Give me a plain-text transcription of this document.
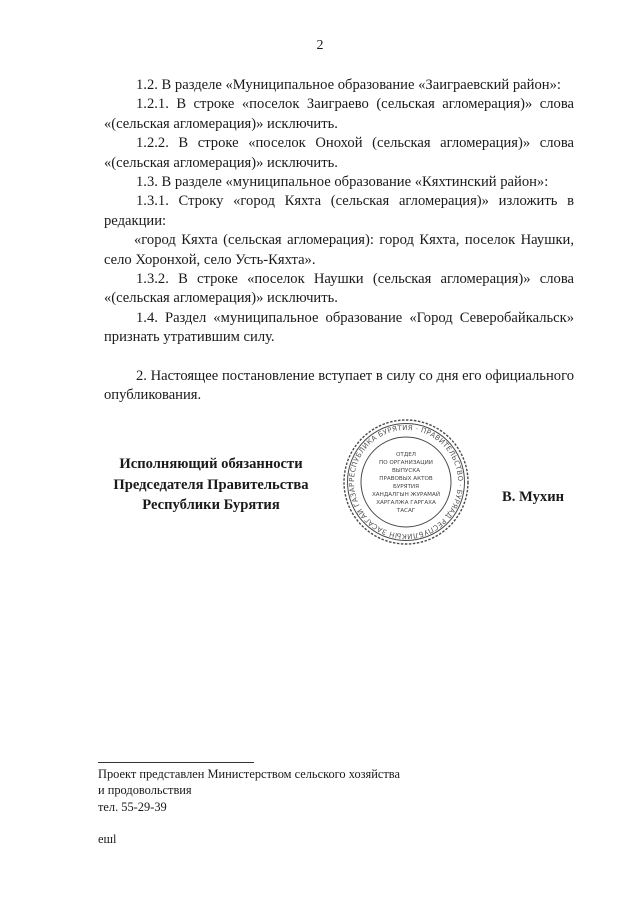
2

1.2. В разделе «Муниципальное образование «Заиграевский район»:

1.2.1. В строке «поселок Заиграево (сельская агломерация)» слова «(сельская агломерация)» исключить.

1.2.2. В строке «поселок Онохой (сельская агломерация)» слова «(сельская агломерация)» исключить.

1.3. В разделе «муниципальное образование «Кяхтинский район»:

1.3.1. Строку «город Кяхта (сельская агломерация)» изложить в редакции:

«город Кяхта (сельская агломерация): город Кяхта, поселок Наушки, село Хоронхой, село Усть-Кяхта».

1.3.2. В строке «поселок Наушки (сельская агломерация)» слова «(сельская агломерация)» исключить.

1.4. Раздел «муниципальное образование «Город Северобайкальск» признать утратившим силу.

2. Настоящее постановление вступает в силу со дня его официального опубликования.

Исполняющий обязанности
Председателя Правительства
Республики Бурятия
РЕСПУБЛИКА БУРЯТИЯ · ПРАВИТЕЛЬСТВО · БУРЯАД РЕСПУБЛИКЫН ЗАСАГАЙ ГАЗАР
ОТДЕЛ
ПО ОРГАНИЗАЦИИ
ВЫПУСКА
ПРАВОВЫХ АКТОВ
БУРЯТИЯ
ХАНДАЛГЫН ЖУРАМАЙ
ХАРГАЛЖА ГАРГАХА
ТАСАГ
В. Мухин
Проект представлен Министерством сельского хозяйства
и продовольствия
тел. 55-29-39
ешl
